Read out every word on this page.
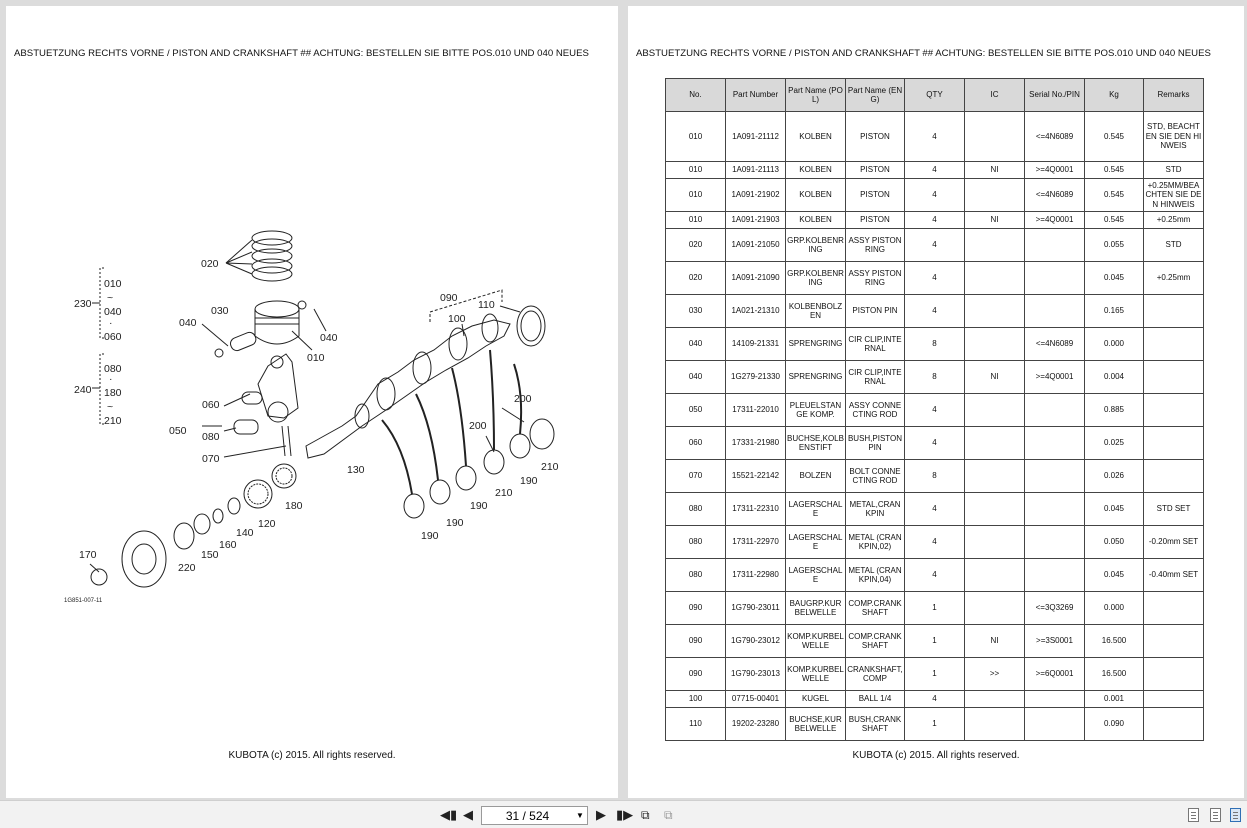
ABSTUETZUNG RECHTS VORNE / PISTON AND CRANKSHAFT ## ACHTUNG: BESTELLEN SIE BITTE POS.010 UND 040 NEUES
020
030
040
040
010
060
050 080
070
090
100
110
200
200
130
180
120
140
160
150
170
220
190
190
190
190
210
210
230
010
~
040
·
060
240
080
·
180
~
210
1G851-007-11
KUBOTA (c) 2015. All rights reserved.
ABSTUETZUNG RECHTS VORNE / PISTON AND CRANKSHAFT ## ACHTUNG: BESTELLEN SIE BITTE POS.010 UND 040 NEUES
No.	Part Number	Part Name (POL)	Part Name (ENG)	QTY	IC	Serial No./PIN	Kg	Remarks
010	1A091-21112	KOLBEN	PISTON	4		<=4N6089	0.545	STD, BEACHTEN SIE DEN HINWEIS
010	1A091-21113	KOLBEN	PISTON	4	NI	>=4Q0001	0.545	STD
010	1A091-21902	KOLBEN	PISTON	4		<=4N6089	0.545	+0.25MM/BEACHTEN SIE DEN HINWEIS
010	1A091-21903	KOLBEN	PISTON	4	NI	>=4Q0001	0.545	+0.25mm
020	1A091-21050	GRP.KOLBENRING	ASSY PISTON RING	4			0.055	STD
020	1A091-21090	GRP.KOLBENRING	ASSY PISTON RING	4			0.045	+0.25mm
030	1A021-21310	KOLBENBOLZEN	PISTON PIN	4			0.165	
040	14109-21331	SPRENGRING	CIR CLIP,INTERNAL	8		<=4N6089	0.000	
040	1G279-21330	SPRENGRING	CIR CLIP,INTERNAL	8	NI	>=4Q0001	0.004	
050	17311-22010	PLEUELSTANGE KOMP.	ASSY CONNECTING ROD	4			0.885	
060	17331-21980	BUCHSE,KOLBENSTIFT	BUSH,PISTON PIN	4			0.025	
070	15521-22142	BOLZEN	BOLT CONNECTING ROD	8			0.026	
080	17311-22310	LAGERSCHALE	METAL,CRANKPIN	4			0.045	STD SET
080	17311-22970	LAGERSCHALE	METAL (CRANKPIN,02)	4			0.050	-0.20mm SET
080	17311-22980	LAGERSCHALE	METAL (CRANKPIN,04)	4			0.045	-0.40mm SET
090	1G790-23011	BAUGRP.KURBELWELLE	COMP.CRANKSHAFT	1		<=3Q3269	0.000	
090	1G790-23012	KOMP.KURBELWELLE	COMP.CRANKSHAFT	1	NI	>=3S0001	16.500	
090	1G790-23013	KOMP.KURBELWELLE	CRANKSHAFT,COMP	1	>>	>=6Q0001	16.500	
100	07715-00401	KUGEL	BALL 1/4	4			0.001	
110	19202-23280	BUCHSE,KURBELWELLE	BUSH,CRANKSHAFT	1			0.090	
KUBOTA (c) 2015. All rights reserved.
◀▮ ◀	31 / 524	▼ ▶ ▮▶ ⧉ ⧉
